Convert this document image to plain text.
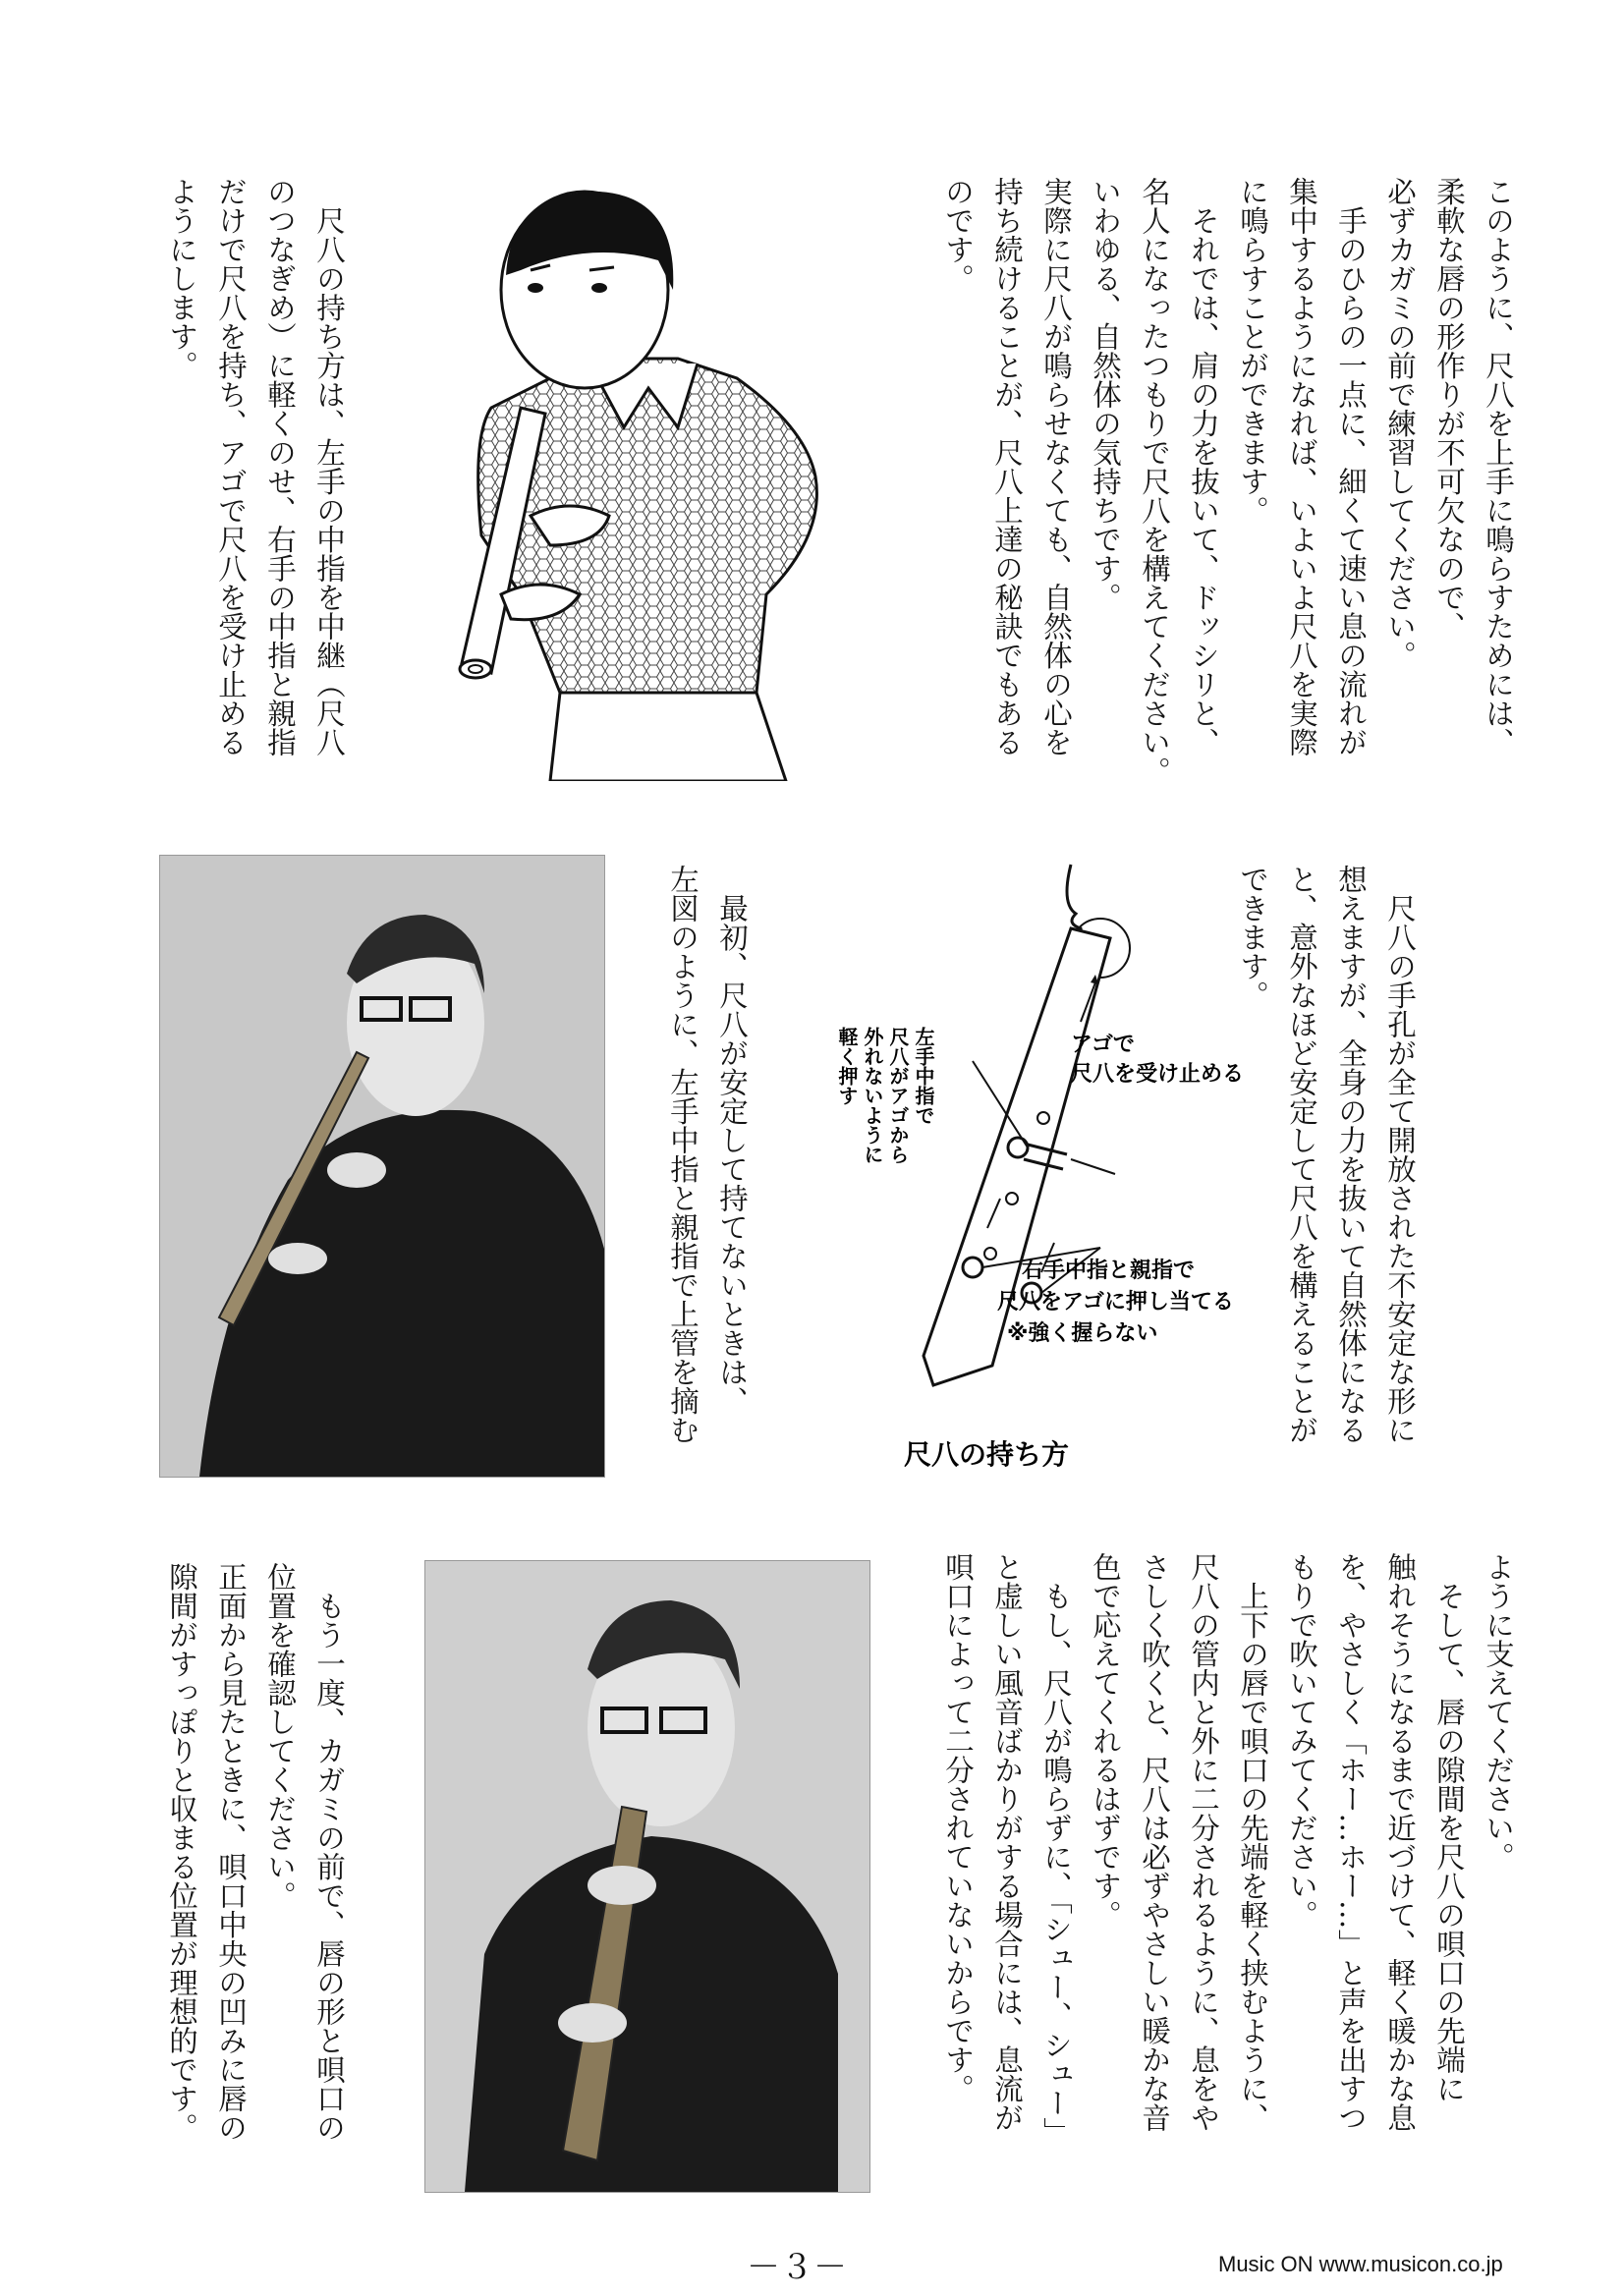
このように、尺八を上手に鳴らすためには、

柔軟な唇の形作りが不可欠なので、

必ずカガミの前で練習してください。

　手のひらの一点に、細くて速い息の流れが

集中するようになれば、いよいよ尺八を実際

に鳴らすことができます。

　それでは、肩の力を抜いて、ドッシリと、

名人になったつもりで尺八を構えてください。

いわゆる、自然体の気持ちです。

実際に尺八が鳴らせなくても、自然体の心を

持ち続けることが、尺八上達の秘訣でもある

のです。

　尺八の持ち方は、左手の中指を中継（尺八

のつなぎめ）に軽くのせ、右手の中指と親指

だけで尺八を持ち、アゴで尺八を受け止める

ようにします。

　尺八の手孔が全て開放された不安定な形に

想えますが、全身の力を抜いて自然体になる

と、意外なほど安定して尺八を構えることが

できます。

　最初、尺八が安定して持てないときは、

左図のように、左手中指と親指で上管を摘む	アゴで
尺八を受け止める
左手中指で
尺八がアゴから
外れないように
軽く押す
右手中指と親指で
尺八をアゴに押し当てる
※強く握らない
尺八の持ち方

ように支えてください。

　そして、唇の隙間を尺八の唄口の先端に

触れそうになるまで近づけて、軽く暖かな息

を、やさしく「ホー…ホー…」と声を出すつ

もりで吹いてみてください。

　上下の唇で唄口の先端を軽く挟むように、

尺八の管内と外に二分されるように、息をや

さしく吹くと、尺八は必ずやさしい暖かな音

色で応えてくれるはずです。

　もし、尺八が鳴らずに、「シュー、シュー」

と虚しい風音ばかりがする場合には、息流が

唄口によって二分されていないからです。

　もう一度、カガミの前で、唇の形と唄口の

位置を確認してください。

正面から見たときに、唄口中央の凹みに唇の

隙間がすっぽりと収まる位置が理想的です。

－３－	Music ON www.musicon.co.jp
